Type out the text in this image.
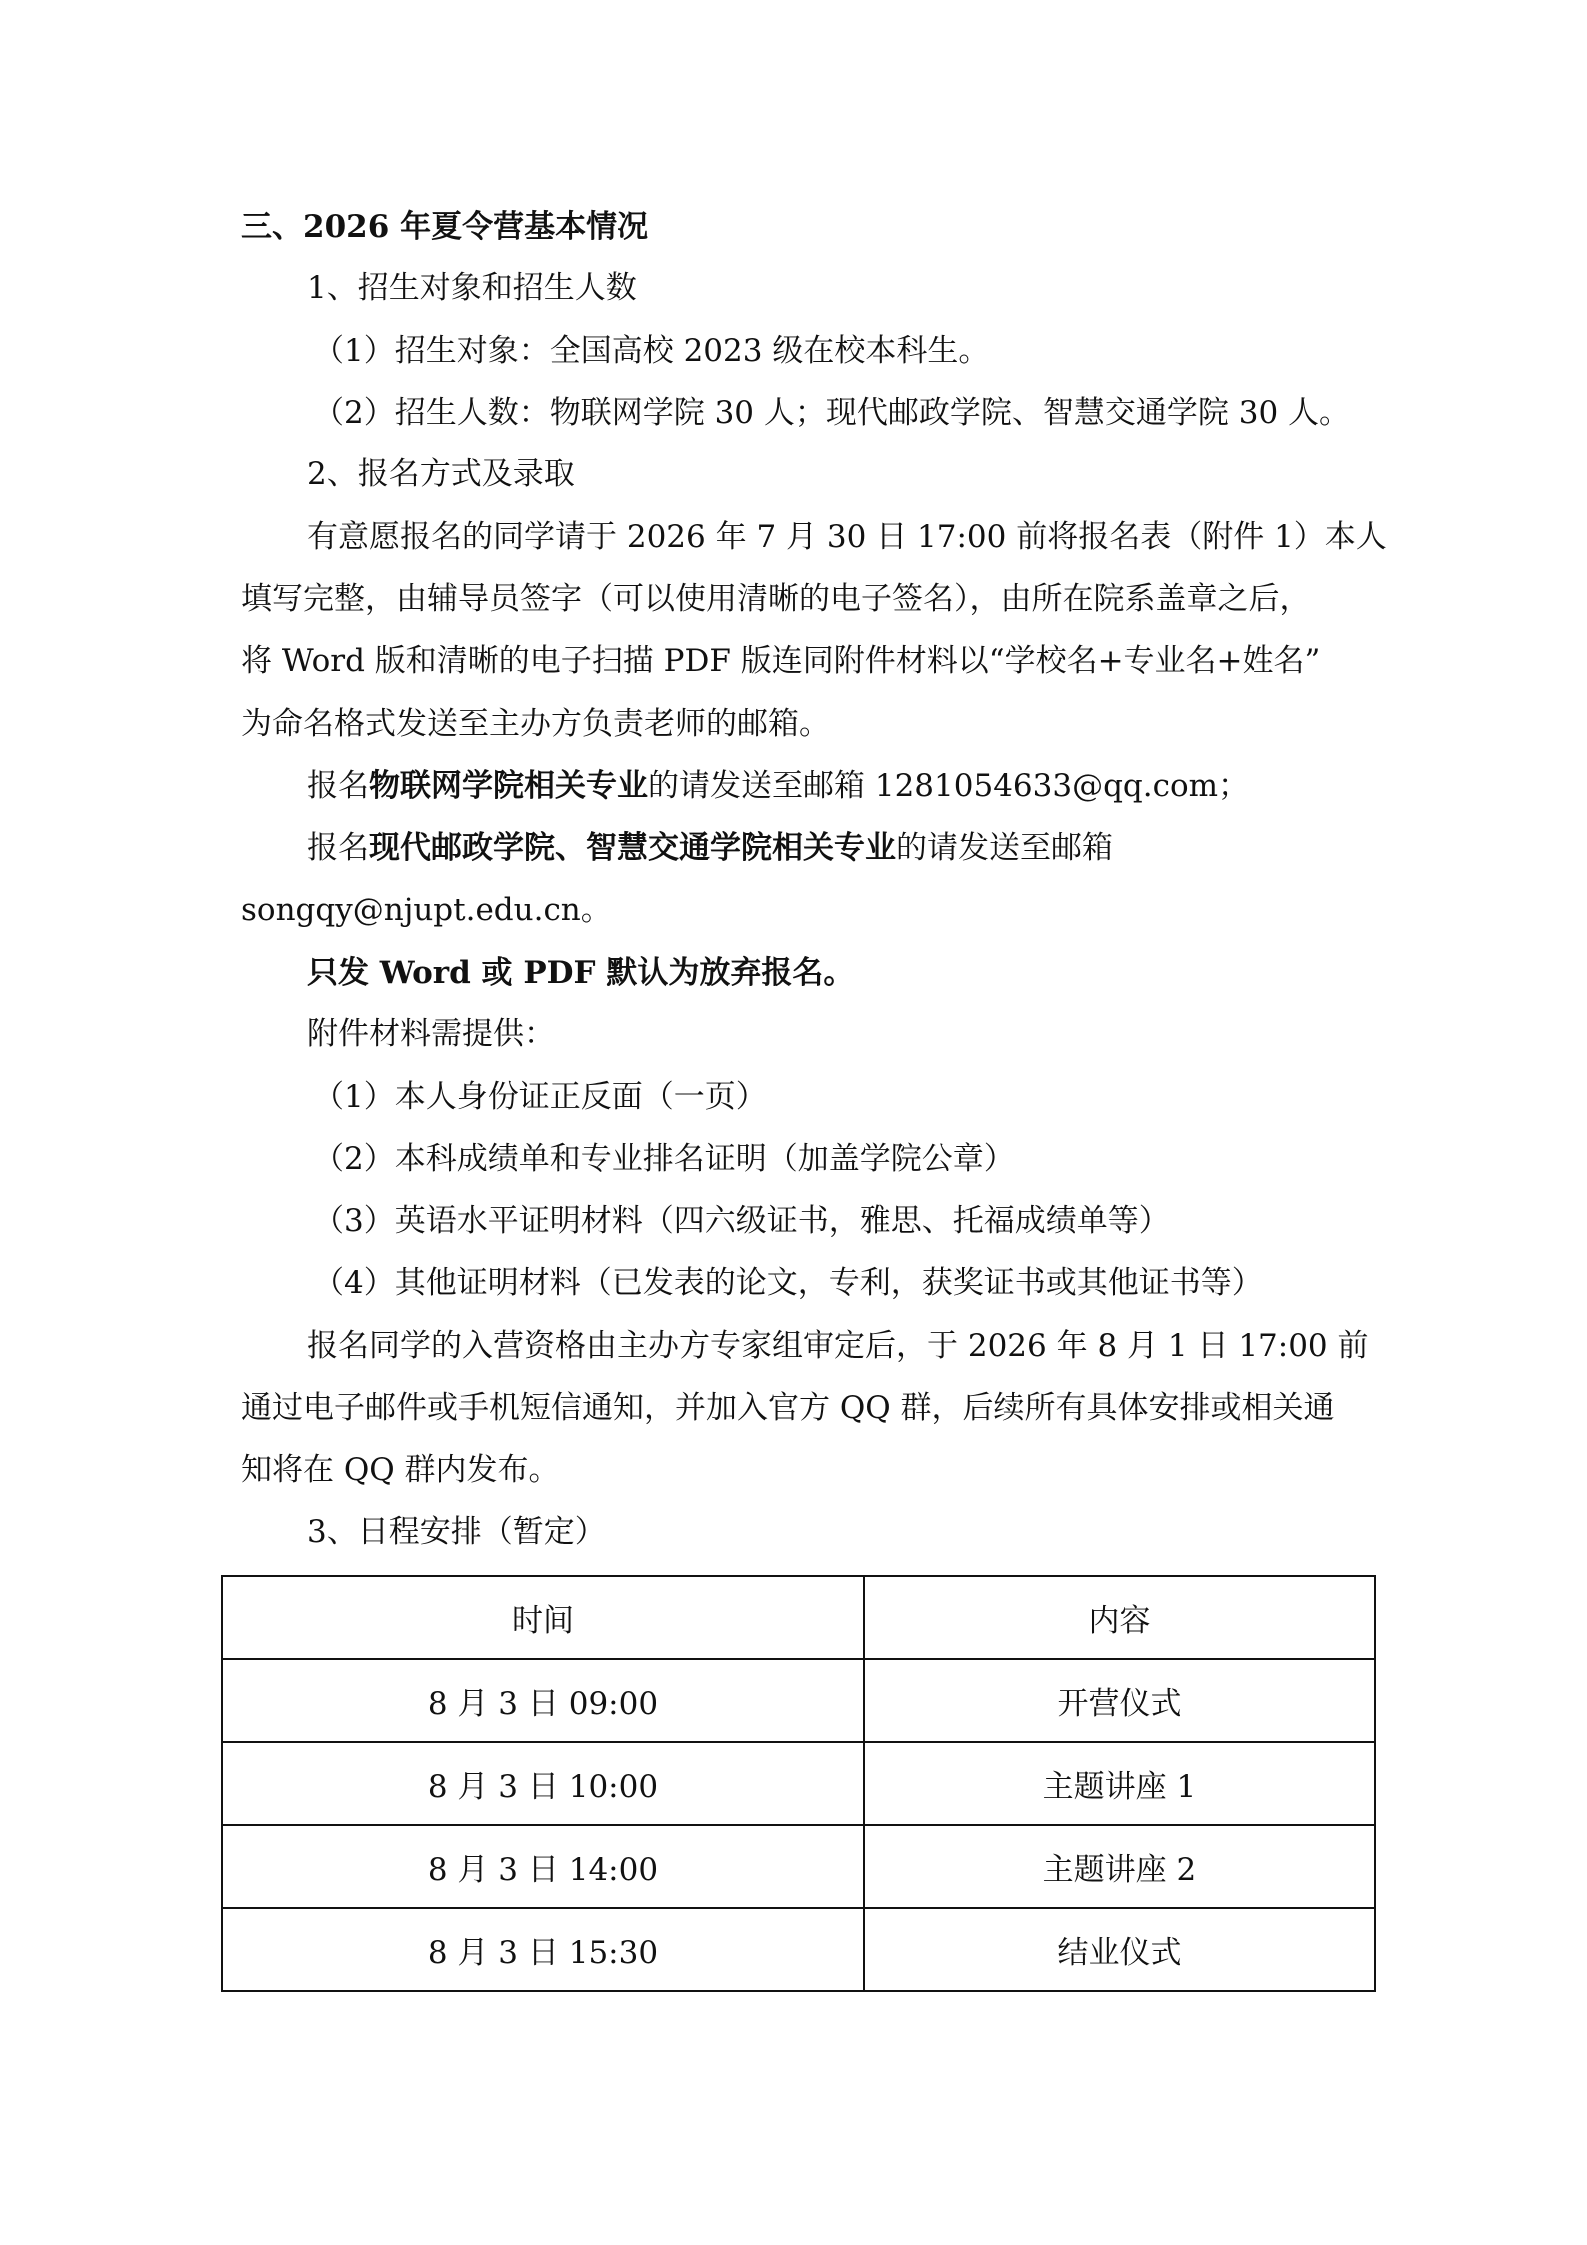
三、2026 年夏令营基本情况
1、招生对象和招生人数
（1）招生对象：全国高校 2023 级在校本科生。
（2）招生人数：物联网学院 30 人；现代邮政学院、智慧交通学院 30 人。
2、报名方式及录取
有意愿报名的同学请于 2026 年 7 月 30 日 17:00 前将报名表（附件 1）本人
填写完整，由辅导员签字（可以使用清晰的电子签名），由所在院系盖章之后，
将 Word 版和清晰的电子扫描 PDF 版连同附件材料以“学校名+专业名+姓名”
为命名格式发送至主办方负责老师的邮箱。
报名物联网学院相关专业的请发送至邮箱 1281054633@qq.com；
报名现代邮政学院、智慧交通学院相关专业的请发送至邮箱
songqy@njupt.edu.cn。
只发 Word 或 PDF 默认为放弃报名。
附件材料需提供：
（1）本人身份证正反面（一页）
（2）本科成绩单和专业排名证明（加盖学院公章）
（3）英语水平证明材料（四六级证书，雅思、托福成绩单等）
（4）其他证明材料（已发表的论文，专利，获奖证书或其他证书等）
报名同学的入营资格由主办方专家组审定后，于 2026 年 8 月 1 日 17:00 前
通过电子邮件或手机短信通知，并加入官方 QQ 群，后续所有具体安排或相关通
知将在 QQ 群内发布。
3、日程安排（暂定）
时间	内容
8 月 3 日 09:00	开营仪式
8 月 3 日 10:00	主题讲座 1
8 月 3 日 14:00	主题讲座 2
8 月 3 日 15:30	结业仪式
